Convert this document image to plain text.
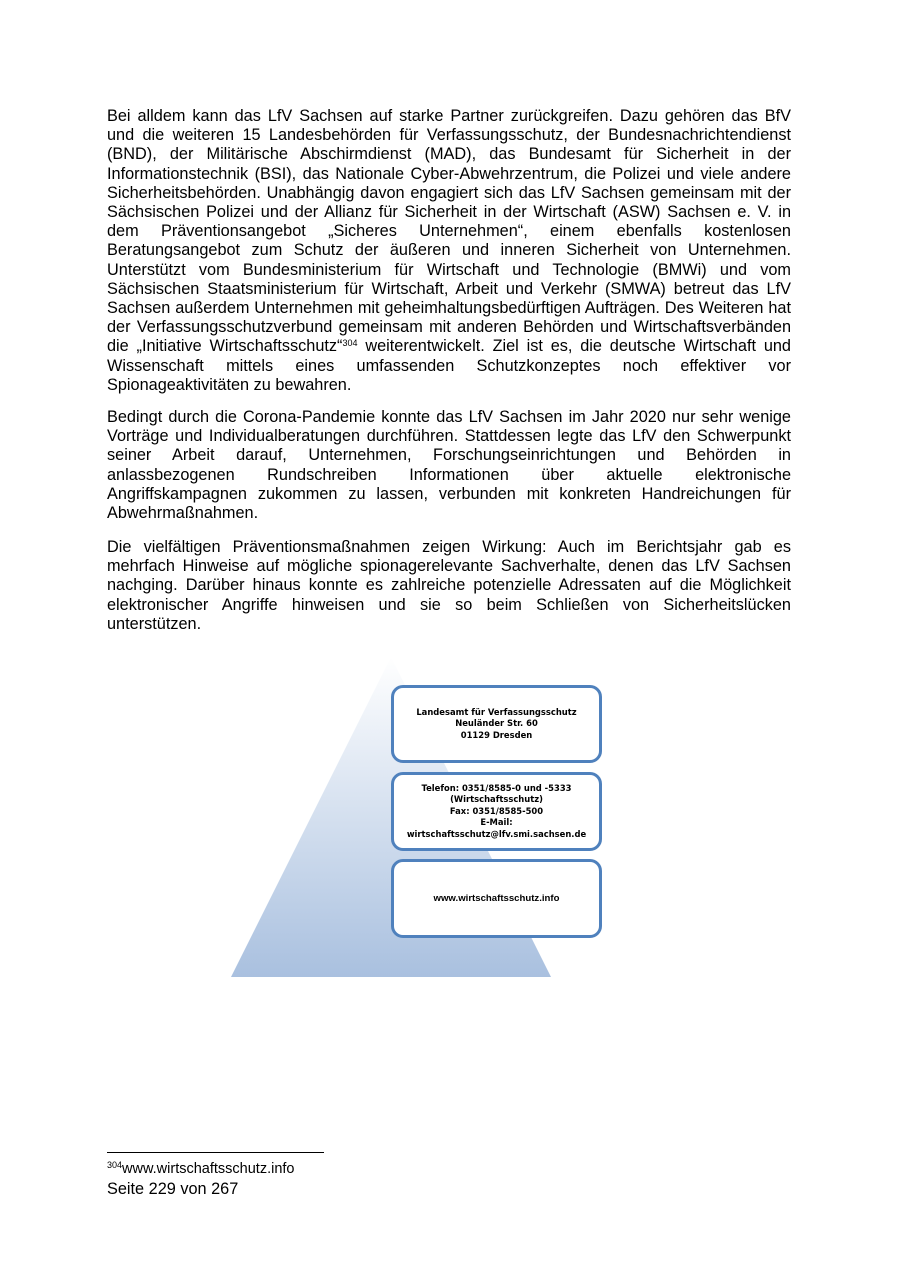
Bei alldem kann das LfV Sachsen auf starke Partner zurückgreifen. Dazu gehören das BfV und die weiteren 15 Landesbehörden für Verfassungsschutz, der Bundesnachrichtendienst (BND), der Militärische Abschirmdienst (MAD), das Bundesamt für Sicherheit in der Informationstechnik (BSI), das Nationale Cyber-Abwehrzentrum, die Polizei und viele andere Sicherheitsbehörden. Unabhängig davon engagiert sich das LfV Sachsen gemeinsam mit der Sächsischen Polizei und der Allianz für Sicherheit in der Wirtschaft (ASW) Sachsen e. V. in dem Präventionsangebot „Sicheres Unternehmen“, einem ebenfalls kostenlosen Beratungsangebot zum Schutz der äußeren und inneren Sicherheit von Unternehmen. Unterstützt vom Bundesministerium für Wirtschaft und Technologie (BMWi) und vom Sächsischen Staatsministerium für Wirtschaft, Arbeit und Verkehr (SMWA) betreut das LfV Sachsen außerdem Unternehmen mit geheimhaltungsbedürftigen Aufträgen. Des Weiteren hat der Verfassungsschutzverbund gemeinsam mit anderen Behörden und Wirtschaftsverbänden die „Initiative Wirtschaftsschutz“$^{304}$ weiterentwickelt. Ziel ist es, die deutsche Wirtschaft und Wissenschaft mittels eines umfassenden Schutzkonzeptes noch effektiver vor Spionageaktivitäten zu bewahren.

Bedingt durch die Corona-Pandemie konnte das LfV Sachsen im Jahr 2020 nur sehr wenige Vorträge und Individualberatungen durchführen. Stattdessen legte das LfV den Schwerpunkt seiner Arbeit darauf, Unternehmen, Forschungseinrichtungen und Behörden in anlassbezogenen Rundschreiben Informationen über aktuelle elektronische Angriffskampagnen zukommen zu lassen, verbunden mit konkreten Handreichungen für Abwehrmaßnahmen.

Die vielfältigen Präventionsmaßnahmen zeigen Wirkung: Auch im Berichtsjahr gab es mehrfach Hinweise auf mögliche spionagerelevante Sachverhalte, denen das LfV Sachsen nachging. Darüber hinaus konnte es zahlreiche potenzielle Adressaten auf die Möglichkeit elektronischer Angriffe hinweisen und sie so beim Schließen von Sicherheitslücken unterstützen.

Landesamt für Verfassungsschutz
Neuländer Str. 60
01129 Dresden
Telefon: 0351/8585-0 und -5333
(Wirtschaftsschutz)
Fax: 0351/8585-500
E-Mail:
wirtschaftsschutz@lfv.smi.sachsen.de
www.wirtschaftsschutz.info
$^{304}$www.wirtschaftsschutz.info
Seite 229 von 267
